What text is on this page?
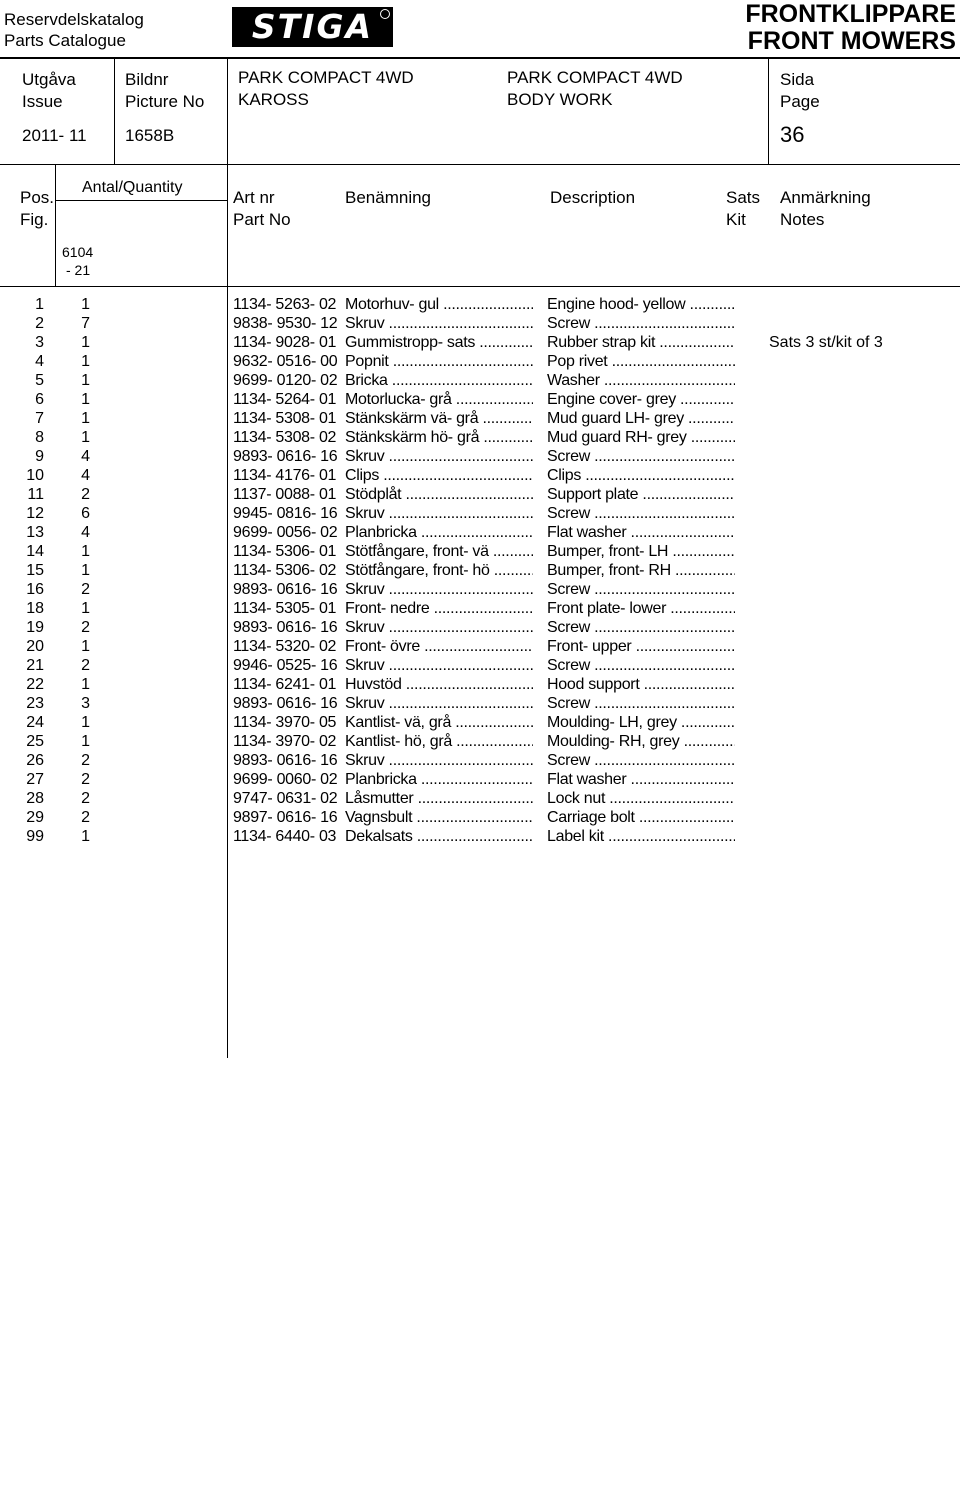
Reservdelskatalog
Parts Catalogue	STIGA	FRONTKLIPPARE
FRONT MOWERS
Utgåva
Issue
2011- 11
Bildnr
Picture No
1658B
PARK COMPACT 4WD
KAROSS
PARK COMPACT 4WD
BODY WORK
Sida
Page
36
Pos.
Fig.
Antal/Quantity
6104
- 21
Art nr
Part No
Benämning	Description	Sats
Kit
Anmärkning
Notes
1	1	1134- 5263- 02 Motorhuv- gul .....	Engine hood- yellow .....
2	7	9838- 9530- 12 Skruv .....	Screw .....
3	1	1134- 9028- 01 Gummistropp- sats .....	Rubber strap kit .....	Sats 3 st/kit of 3
4	1	9632- 0516- 00 Popnit .....	Pop rivet .....
5	1	9699- 0120- 02 Bricka .....	Washer .....
6	1	1134- 5264- 01 Motorlucka- grå .....	Engine cover- grey .....
7	1	1134- 5308- 01 Stänkskärm vä- grå .....	Mud guard LH- grey .....
8	1	1134- 5308- 02 Stänkskärm hö- grå .....	Mud guard RH- grey .....
9	4	9893- 0616- 16 Skruv .....	Screw .....
10	4	1134- 4176- 01 Clips .....	Clips .....
11	2	1137- 0088- 01 Stödplåt .....	Support plate .....
12	6	9945- 0816- 16 Skruv .....	Screw .....
13	4	9699- 0056- 02 Planbricka .....	Flat washer .....
14	1	1134- 5306- 01 Stötfångare, front- vä .....	Bumper, front- LH .....
15	1	1134- 5306- 02 Stötfångare, front- hö .....	Bumper, front- RH .....
16	2	9893- 0616- 16 Skruv .....	Screw .....
18	1	1134- 5305- 01 Front- nedre .....	Front plate- lower .....
19	2	9893- 0616- 16 Skruv .....	Screw .....
20	1	1134- 5320- 02 Front- övre .....	Front- upper .....
21	2	9946- 0525- 16 Skruv .....	Screw .....
22	1	1134- 6241- 01 Huvstöd .....	Hood support .....
23	3	9893- 0616- 16 Skruv .....	Screw .....
24	1	1134- 3970- 05 Kantlist- vä, grå .....	Moulding- LH, grey .....
25	1	1134- 3970- 02 Kantlist- hö, grå .....	Moulding- RH, grey .....
26	2	9893- 0616- 16 Skruv .....	Screw .....
27	2	9699- 0060- 02 Planbricka .....	Flat washer .....
28	2	9747- 0631- 02 Låsmutter .....	Lock nut .....
29	2	9897- 0616- 16 Vagnsbult .....	Carriage bolt .....
99	1	1134- 6440- 03 Dekalsats .....	Label kit .....
